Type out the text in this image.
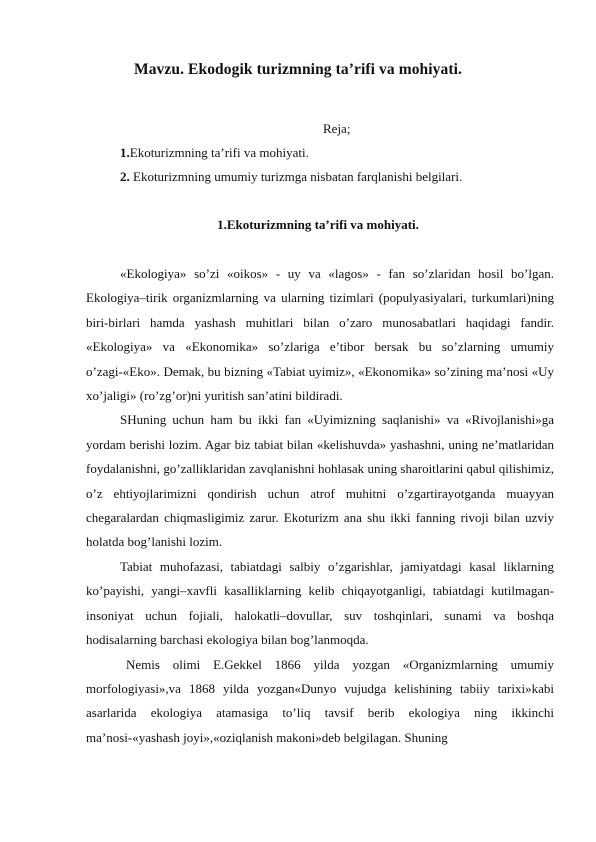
Mavzu. Ekodogik turizmning ta’rifi va mohiyati.
Reja;
1.Ekoturizmning ta’rifi va mohiyati.
2. Ekoturizmning umumiy turizmga nisbatan farqlanishi belgilari.
1.Ekoturizmning ta’rifi va mohiyati.

«Ekologiya» so’zi «oikos» - uy va «lagos» - fan so’zlaridan hosil bo’lgan. Ekologiya–tirik organizmlarning va ularning tizimlari (populyasiyalari, turkumlari)ning biri-birlari hamda yashash muhitlari bilan o’zaro munosabatlari haqidagi fandir. «Ekologiya» va «Ekonomika» so’zlariga e’tibor bersak bu so’zlarning umumiy o’zagi-«Eko». Demak, bu bizning «Tabiat uyimiz», «Ekonomika» so’zining ma’nosi «Uy xo’jaligi» (ro’zg’or)ni yuritish san’atini bildiradi.

SHuning uchun ham bu ikki fan «Uyimizning saqlanishi» va «Rivojlanishi»ga yordam berishi lozim. Agar biz tabiat bilan «kelishuvda» yashashni, uning ne’matlaridan foydalanishni, go’zalliklaridan zavqlanishni hohlasak uning sharoitlarini qabul qilishimiz, o’z ehtiyojlarimizni qondirish uchun atrof muhitni o’zgartirayotganda muayyan chegaralardan chiqmasligimiz zarur. Ekoturizm ana shu ikki fanning rivoji bilan uzviy holatda bog’lanishi lozim.

Tabiat muhofazasi, tabiatdagi salbiy o’zgarishlar, jamiyatdagi kasal liklarning ko’payishi, yangi–xavfli kasalliklarning kelib chiqayotganligi, tabiatdagi kutilmagan-insoniyat uchun fojiali, halokatli–dovullar, suv toshqinlari, sunami va boshqa hodisalarning barchasi ekologiya bilan bog’lanmoqda.

Nemis olimi E.Gekkel 1866 yilda yozgan «Organizmlarning umumiy morfologiyasi»,va 1868 yilda yozgan«Dunyo vujudga kelishining tabiiy tarixi»kabi asarlarida ekologiya atamasiga to’liq tavsif berib ekologiya ning ikkinchi ma’nosi-«yashash joyi»,«oziqlanish makoni»deb belgilagan. Shuning
